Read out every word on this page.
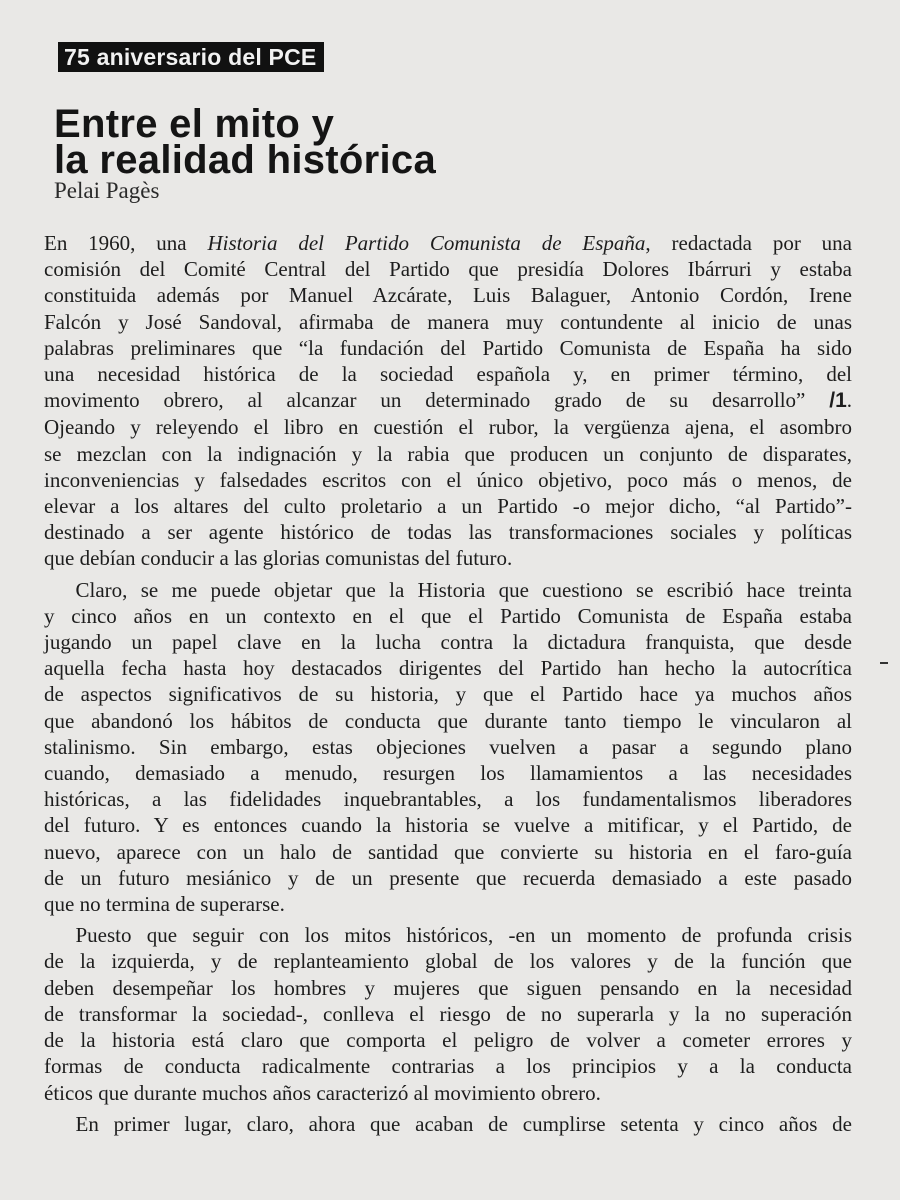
75 aniversario del PCE
Entre el mito y
la realidad histórica
Pelai Pagès

En 1960, una Historia del Partido Comunista de España, redactada por una
comisión del Comité Central del Partido que presidía Dolores Ibárruri y estaba
constituida además por Manuel Azcárate, Luis Balaguer, Antonio Cordón, Irene
Falcón y José Sandoval, afirmaba de manera muy contundente al inicio de unas
palabras preliminares que “la fundación del Partido Comunista de España ha sido
una necesidad histórica de la sociedad española y, en primer término, del
movimento obrero, al alcanzar un determinado grado de su desarrollo” /1.
Ojeando y releyendo el libro en cuestión el rubor, la vergüenza ajena, el asombro
se mezclan con la indignación y la rabia que producen un conjunto de disparates,
inconveniencias y falsedades escritos con el único objetivo, poco más o menos, de
elevar a los altares del culto proletario a un Partido -o mejor dicho, “al Partido”-
destinado a ser agente histórico de todas las transformaciones sociales y políticas
que debían conducir a las glorias comunistas del futuro.

  Claro, se me puede objetar que la Historia que cuestiono se escribió hace treinta
y cinco años en un contexto en el que el Partido Comunista de España estaba
jugando un papel clave en la lucha contra la dictadura franquista, que desde
aquella fecha hasta hoy destacados dirigentes del Partido han hecho la autocrítica
de aspectos significativos de su historia, y que el Partido hace ya muchos años
que abandonó los hábitos de conducta que durante tanto tiempo le vincularon al
stalinismo. Sin embargo, estas objeciones vuelven a pasar a segundo plano
cuando, demasiado a menudo, resurgen los llamamientos a las necesidades
históricas, a las fidelidades inquebrantables, a los fundamentalismos liberadores
del futuro. Y es entonces cuando la historia se vuelve a mitificar, y el Partido, de
nuevo, aparece con un halo de santidad que convierte su historia en el faro-guía
de un futuro mesiánico y de un presente que recuerda demasiado a este pasado
que no termina de superarse.

  Puesto que seguir con los mitos históricos, -en un momento de profunda crisis
de la izquierda, y de replanteamiento global de los valores y de la función que
deben desempeñar los hombres y mujeres que siguen pensando en la necesidad
de transformar la sociedad-, conlleva el riesgo de no superarla y la no superación
de la historia está claro que comporta el peligro de volver a cometer errores y
formas de conducta radicalmente contrarias a los principios y a la conducta
éticos que durante muchos años caracterizó al movimiento obrero.

  En primer lugar, claro, ahora que acaban de cumplirse setenta y cinco años de
